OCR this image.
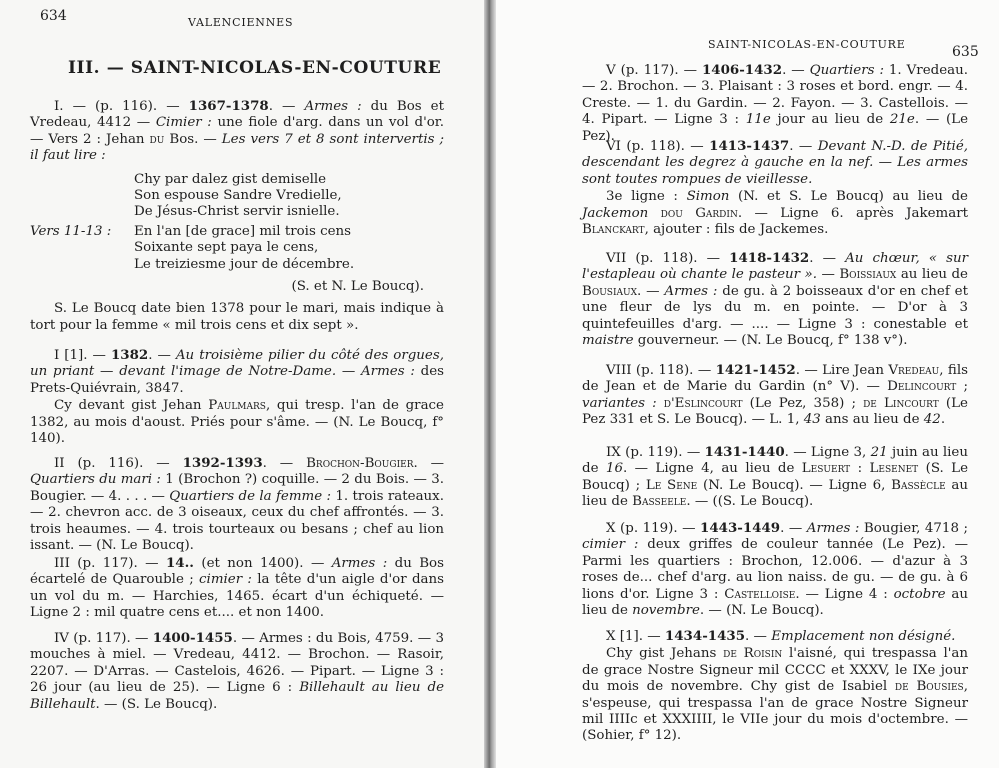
634	VALENCIENNES
III. — SAINT-NICOLAS-EN-COUTURE

I. — (p. 116). — 1367-1378. — Armes : du Bos et Vredeau, 4412 — Cimier : une fiole d'arg. dans un vol d'or. — Vers 2 : Jehan du Bos. — Les vers 7 et 8 sont intervertis ; il faut lire :

Chy par dalez gist demiselle
Son espouse Sandre Vredielle,
De Jésus-Christ servir isnielle.
Vers 11-13 : En l'an [de grace] mil trois cens
Soixante sept paya le cens,
Le treiziesme jour de décembre.

(S. et N. Le Boucq).

S. Le Boucq date bien 1378 pour le mari, mais indique à tort pour la femme « mil trois cens et dix sept ».

I [1]. — 1382. — Au troisième pilier du côté des orgues, un priant — devant l'image de Notre-Dame. — Armes : des Prets-Quiévrain, 3847.

Cy devant gist Jehan Paulmars, qui tresp. l'an de grace 1382, au mois d'aoust. Priés pour s'âme. — (N. Le Boucq, f° 140).

II (p. 116). — 1392-1393. — Brochon-Bougier. — Quartiers du mari : 1 (Brochon ?) coquille. — 2 du Bois. — 3. Bougier. — 4. . . . — Quartiers de la femme : 1. trois rateaux. — 2. chevron acc. de 3 oiseaux, ceux du chef affrontés. — 3. trois heaumes. — 4. trois tourteaux ou besans ; chef au lion issant. — (N. Le Boucq).

III (p. 117). — 14.. (et non 1400). — Armes : du Bos écartelé de Quarouble ; cimier : la tête d'un aigle d'or dans un vol du m. — Harchies, 1465. écart d'un échiqueté. — Ligne 2 : mil quatre cens et.... et non 1400.

IV (p. 117). — 1400-1455. — Armes : du Bois, 4759. — 3 mouches à miel. — Vredeau, 4412. — Brochon. — Rasoir, 2207. — D'Arras. — Castelois, 4626. — Pipart. — Ligne 3 : 26 jour (au lieu de 25). — Ligne 6 : Billehault au lieu de Billehault. — (S. Le Boucq).

SAINT-NICOLAS-EN-COUTURE	635

V (p. 117). — 1406-1432. — Quartiers : 1. Vredeau. — 2. Brochon. — 3. Plaisant : 3 roses et bord. engr. — 4. Creste. — 1. du Gardin. — 2. Fayon. — 3. Castellois. — 4. Pipart. — Ligne 3 : 11e jour au lieu de 21e. — (Le Pez).

VI (p. 118). — 1413-1437. — Devant N.-D. de Pitié, descendant les degrez à gauche en la nef. — Les armes sont toutes rompues de vieillesse.

3e ligne : Simon (N. et S. Le Boucq) au lieu de Jackemon dou Gardin. — Ligne 6. après Jakemart Blanckart, ajouter : fils de Jackemes.

VII (p. 118). — 1418-1432. — Au chœur, « sur l'estapleau où chante le pasteur ». — Boissiaux au lieu de Bousiaux. — Armes : de gu. à 2 boisseaux d'or en chef et une fleur de lys du m. en pointe. — D'or à 3 quintefeuilles d'arg. — .... — Ligne 3 : conestable et maistre gouverneur. — (N. Le Boucq, f° 138 v°).

VIII (p. 118). — 1421-1452. — Lire Jean Vredeau, fils de Jean et de Marie du Gardin (n° V). — Delincourt ; variantes : d'Eslincourt (Le Pez, 358) ; de Lincourt (Le Pez 331 et S. Le Boucq). — L. 1, 43 ans au lieu de 42.

IX (p. 119). — 1431-1440. — Ligne 3, 21 juin au lieu de 16. — Ligne 4, au lieu de Lesuert : Lesenet (S. Le Boucq) ; Le Sene (N. Le Boucq). — Ligne 6, Bassècle au lieu de Basseele. — ((S. Le Boucq).

X (p. 119). — 1443-1449. — Armes : Bougier, 4718 ; cimier : deux griffes de couleur tannée (Le Pez). — Parmi les quartiers : Brochon, 12.006. — d'azur à 3 roses de... chef d'arg. au lion naiss. de gu. — de gu. à 6 lions d'or. Ligne 3 : Castelloise. — Ligne 4 : octobre au lieu de novembre. — (N. Le Boucq).

X [1]. — 1434-1435. — Emplacement non désigné.

Chy gist Jehans de Roisin l'aisné, qui trespassa l'an de grace Nostre Signeur mil CCCC et XXXV, le IXe jour du mois de novembre. Chy gist de Isabiel de Bousies, s'espeuse, qui trespassa l'an de grace Nostre Signeur mil IIIIc et XXXIIII, le VIIe jour du mois d'octembre. — (Sohier, f° 12).
